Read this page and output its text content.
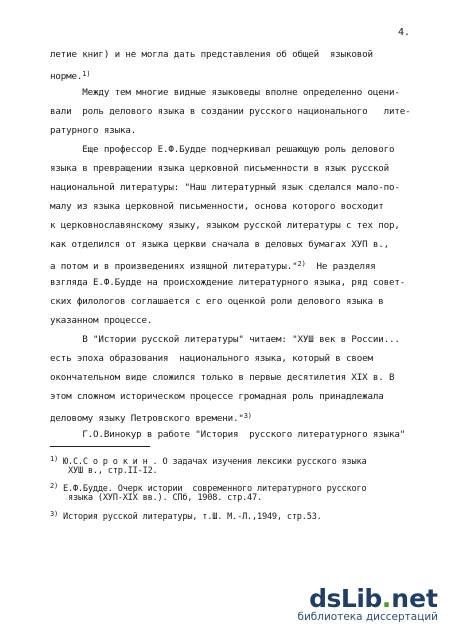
4.
летие книг) и не могла дать представления об общей  языковой
норме.$^{1)}$
Между тем многие видные языковеды вполне определенно оцени-
вали  роль делового языка в создании русского национального   лите-
ратурного языка.
Еще профессор Е.Ф.Будде подчеркивал решающую роль делового
языка в превращении языка церковной письменности в язык русской
национальной литературы: "Наш литературный язык сделался мало-по-
малу из языка церковной письменности, основа которого восходит
к церковнославянскому языку, языком русской литературы с тех пор,
как отделился от языка церкви сначала в деловых бумагах ХУП в.,
а потом и в произведениях изящной литературы."$^{2)}$  Не разделяя
взгляда Е.Ф.Будде на происхождение литературного языка, ряд совет-
ских филологов соглашается с его оценкой роли делового языка в
указанном процессе.
В "Истории русской литературы" читаем: "ХУШ век в России...
есть эпоха образования  национального языка, который в своем
окончательном виде сложился только в первые десятилетия XIX в. В
этом сложном историческом процессе громадная роль принадлежала
деловому языку Петровского времени."$^{3)}$
$^{1)}$ Ю.С.С о р о к и н . О задачах изучения лексики русского языка
ХУШ в., стр.II-I2.
$^{2)}$ Е.Ф.Будде. Очерк истории  современного литературного русского
языка (ХУП-XIX вв.). СПб, 1908. стр.47.
$^{3)}$ История русской литературы, т.Ш. М.-Л.,1949, стр.53.
dsLib . net
библиотека диссертаций
Г.О.Винокур в работе "История  русского литературного языка"
